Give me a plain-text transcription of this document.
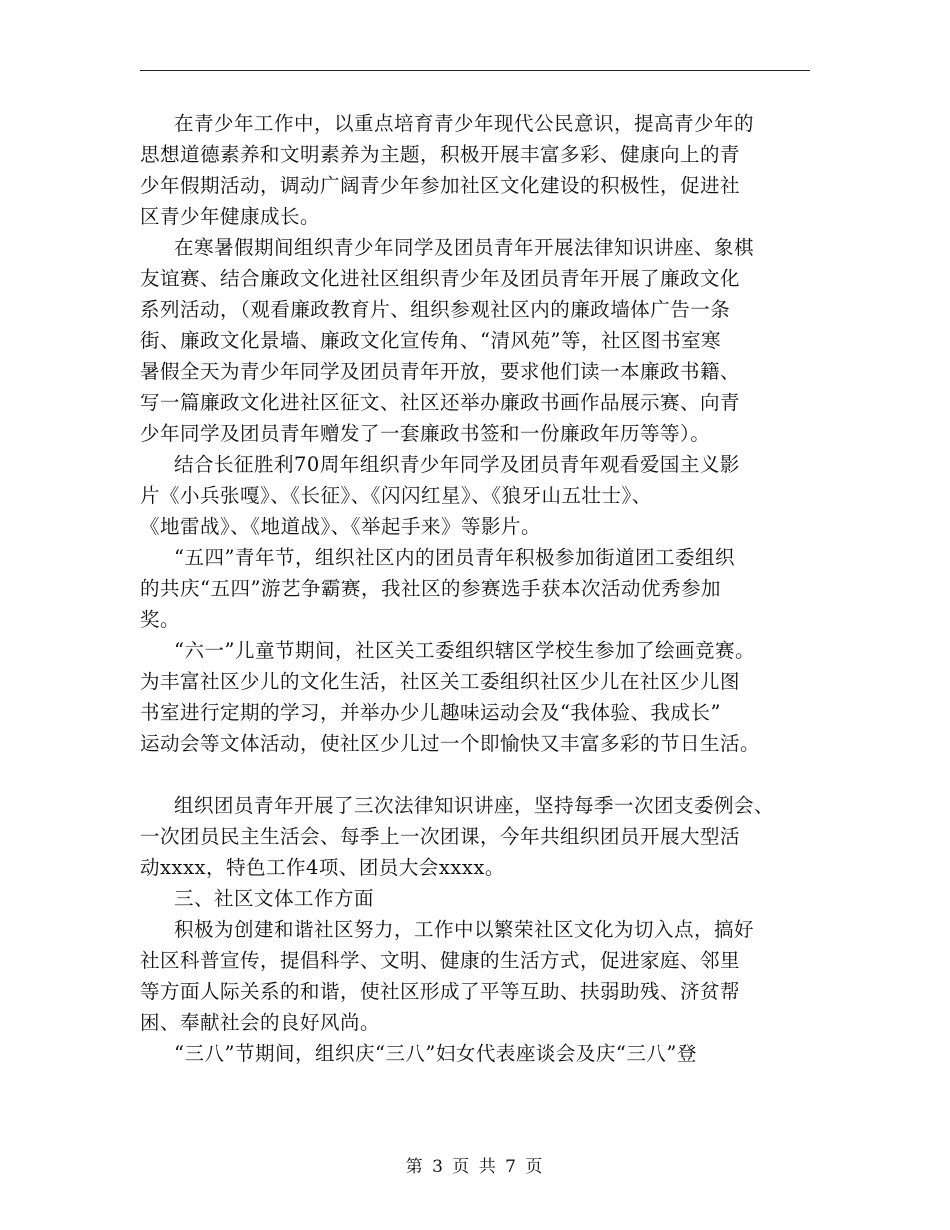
在青少年工作中，以重点培育青少年现代公民意识，提高青少年的
思想道德素养和文明素养为主题，积极开展丰富多彩、健康向上的青
少年假期活动，调动广阔青少年参加社区文化建设的积极性，促进社
区青少年健康成长。
在寒暑假期间组织青少年同学及团员青年开展法律知识讲座、象棋
友谊赛、结合廉政文化进社区组织青少年及团员青年开展了廉政文化
系列活动，（观看廉政教育片、组织参观社区内的廉政墙体广告一条
街、廉政文化景墙、廉政文化宣传角、“清风苑”等，社区图书室寒
暑假全天为青少年同学及团员青年开放，要求他们读一本廉政书籍、
写一篇廉政文化进社区征文、社区还举办廉政书画作品展示赛、向青
少年同学及团员青年赠发了一套廉政书签和一份廉政年历等等）。
结合长征胜利70周年组织青少年同学及团员青年观看爱国主义影
片《小兵张嘎》、《长征》、《闪闪红星》、《狼牙山五壮士》、
《地雷战》、《地道战》、《举起手来》等影片。
“五四”青年节，组织社区内的团员青年积极参加街道团工委组织
的共庆“五四”游艺争霸赛，我社区的参赛选手获本次活动优秀参加
奖。
“六一”儿童节期间，社区关工委组织辖区学校生参加了绘画竞赛。
为丰富社区少儿的文化生活，社区关工委组织社区少儿在社区少儿图
书室进行定期的学习，并举办少儿趣味运动会及“我体验、我成长”
运动会等文体活动，使社区少儿过一个即愉快又丰富多彩的节日生活。
组织团员青年开展了三次法律知识讲座，坚持每季一次团支委例会、
一次团员民主生活会、每季上一次团课，今年共组织团员开展大型活
动xxxx，特色工作4项、团员大会xxxx。
三、社区文体工作方面
积极为创建和谐社区努力，工作中以繁荣社区文化为切入点，搞好
社区科普宣传，提倡科学、文明、健康的生活方式，促进家庭、邻里
等方面人际关系的和谐，使社区形成了平等互助、扶弱助残、济贫帮
困、奉献社会的良好风尚。
“三八”节期间，组织庆“三八”妇女代表座谈会及庆“三八”登
第 3 页 共 7 页
